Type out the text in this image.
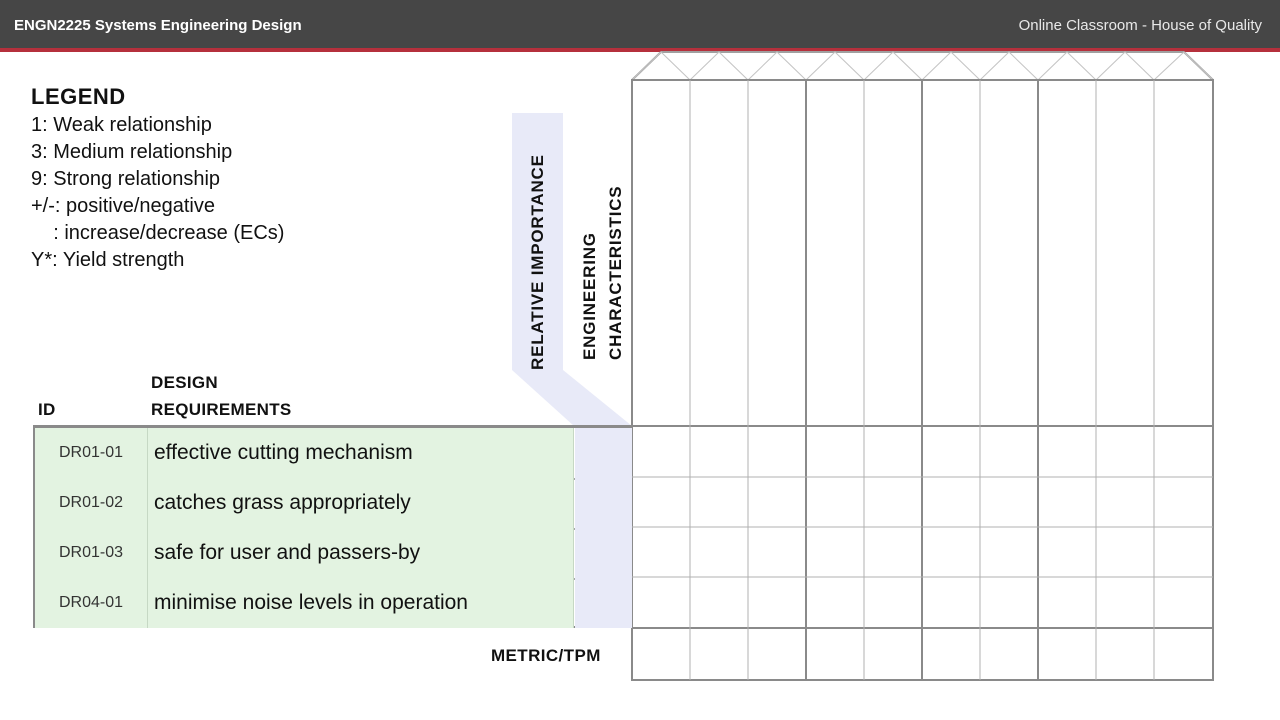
ENGN2225 Systems Engineering Design	Online Classroom - House of Quality
LEGEND
1: Weak relationship
3: Medium relationship
9: Strong relationship
+/-: positive/negative
: increase/decrease (ECs)
Y*: Yield strength	RELATIVE IMPORTANCE ENGINEERING CHARACTERISTICS
ID
DESIGN
REQUIREMENTS
DR01-01	effective cutting mechanism
DR01-02	catches grass appropriately
DR01-03	safe for user and passers-by
DR04-01	minimise noise levels in operation
METRIC/TPM
